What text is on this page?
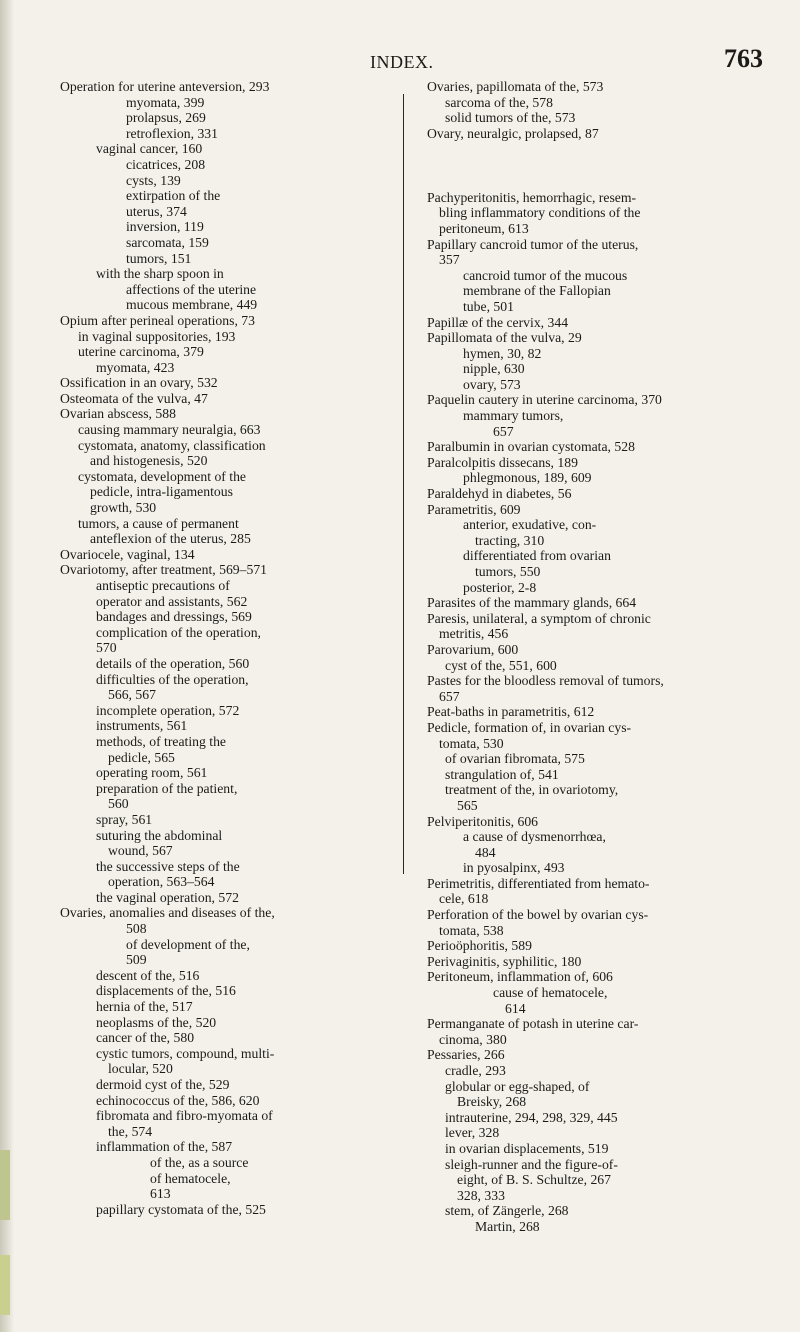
INDEX.	763

Operation for uterine anteversion, 293

myomata, 399

prolapsus, 269

retroflexion, 331

vaginal cancer, 160

cicatrices, 208

cysts, 139

extirpation of the

uterus, 374

inversion, 119

sarcomata, 159

tumors, 151

with the sharp spoon in

affections of the uterine

mucous membrane, 449

Opium after perineal operations, 73

in vaginal suppositories, 193

uterine carcinoma, 379

myomata, 423

Ossification in an ovary, 532

Osteomata of the vulva, 47

Ovarian abscess, 588

causing mammary neuralgia, 663

cystomata, anatomy, classification

and histogenesis, 520

cystomata, development of the

pedicle, intra-ligamentous

growth, 530

tumors, a cause of permanent

anteflexion of the uterus, 285

Ovariocele, vaginal, 134

Ovariotomy, after treatment, 569–571

antiseptic precautions of

operator and assistants, 562

bandages and dressings, 569

complication of the operation,

570

details of the operation, 560

difficulties of the operation,

566, 567

incomplete operation, 572

instruments, 561

methods, of treating the

pedicle, 565

operating room, 561

preparation of the patient,

560

spray, 561

suturing the abdominal

wound, 567

the successive steps of the

operation, 563–564

the vaginal operation, 572

Ovaries, anomalies and diseases of the,

508

of development of the,

509

descent of the, 516

displacements of the, 516

hernia of the, 517

neoplasms of the, 520

cancer of the, 580

cystic tumors, compound, multi-

locular, 520

dermoid cyst of the, 529

echinococcus of the, 586, 620

fibromata and fibro-myomata of

the, 574

inflammation of the, 587

of the, as a source

of hematocele,

613

papillary cystomata of the, 525

Ovaries, papillomata of the, 573

sarcoma of the, 578

solid tumors of the, 573

Ovary, neuralgic, prolapsed, 87

Pachyperitonitis, hemorrhagic, resem-

bling inflammatory conditions of the

peritoneum, 613

Papillary cancroid tumor of the uterus,

357

cancroid tumor of the mucous

membrane of the Fallopian

tube, 501

Papillæ of the cervix, 344

Papillomata of the vulva, 29

hymen, 30, 82

nipple, 630

ovary, 573

Paquelin cautery in uterine carcinoma, 370

mammary tumors,

657

Paralbumin in ovarian cystomata, 528

Paralcolpitis dissecans, 189

phlegmonous, 189, 609

Paraldehyd in diabetes, 56

Parametritis, 609

anterior, exudative, con-

tracting, 310

differentiated from ovarian

tumors, 550

posterior, 2-8

Parasites of the mammary glands, 664

Paresis, unilateral, a symptom of chronic

metritis, 456

Parovarium, 600

cyst of the, 551, 600

Pastes for the bloodless removal of tumors,

657

Peat-baths in parametritis, 612

Pedicle, formation of, in ovarian cys-

tomata, 530

of ovarian fibromata, 575

strangulation of, 541

treatment of the, in ovariotomy,

565

Pelviperitonitis, 606

a cause of dysmenorrhœa,

484

in pyosalpinx, 493

Perimetritis, differentiated from hemato-

cele, 618

Perforation of the bowel by ovarian cys-

tomata, 538

Perioöphoritis, 589

Perivaginitis, syphilitic, 180

Peritoneum, inflammation of, 606

cause of hematocele,

614

Permanganate of potash in uterine car-

cinoma, 380

Pessaries, 266

cradle, 293

globular or egg-shaped, of

Breisky, 268

intrauterine, 294, 298, 329, 445

lever, 328

in ovarian displacements, 519

sleigh-runner and the figure-of-

eight, of B. S. Schultze, 267

328, 333

stem, of Zängerle, 268

Martin, 268
